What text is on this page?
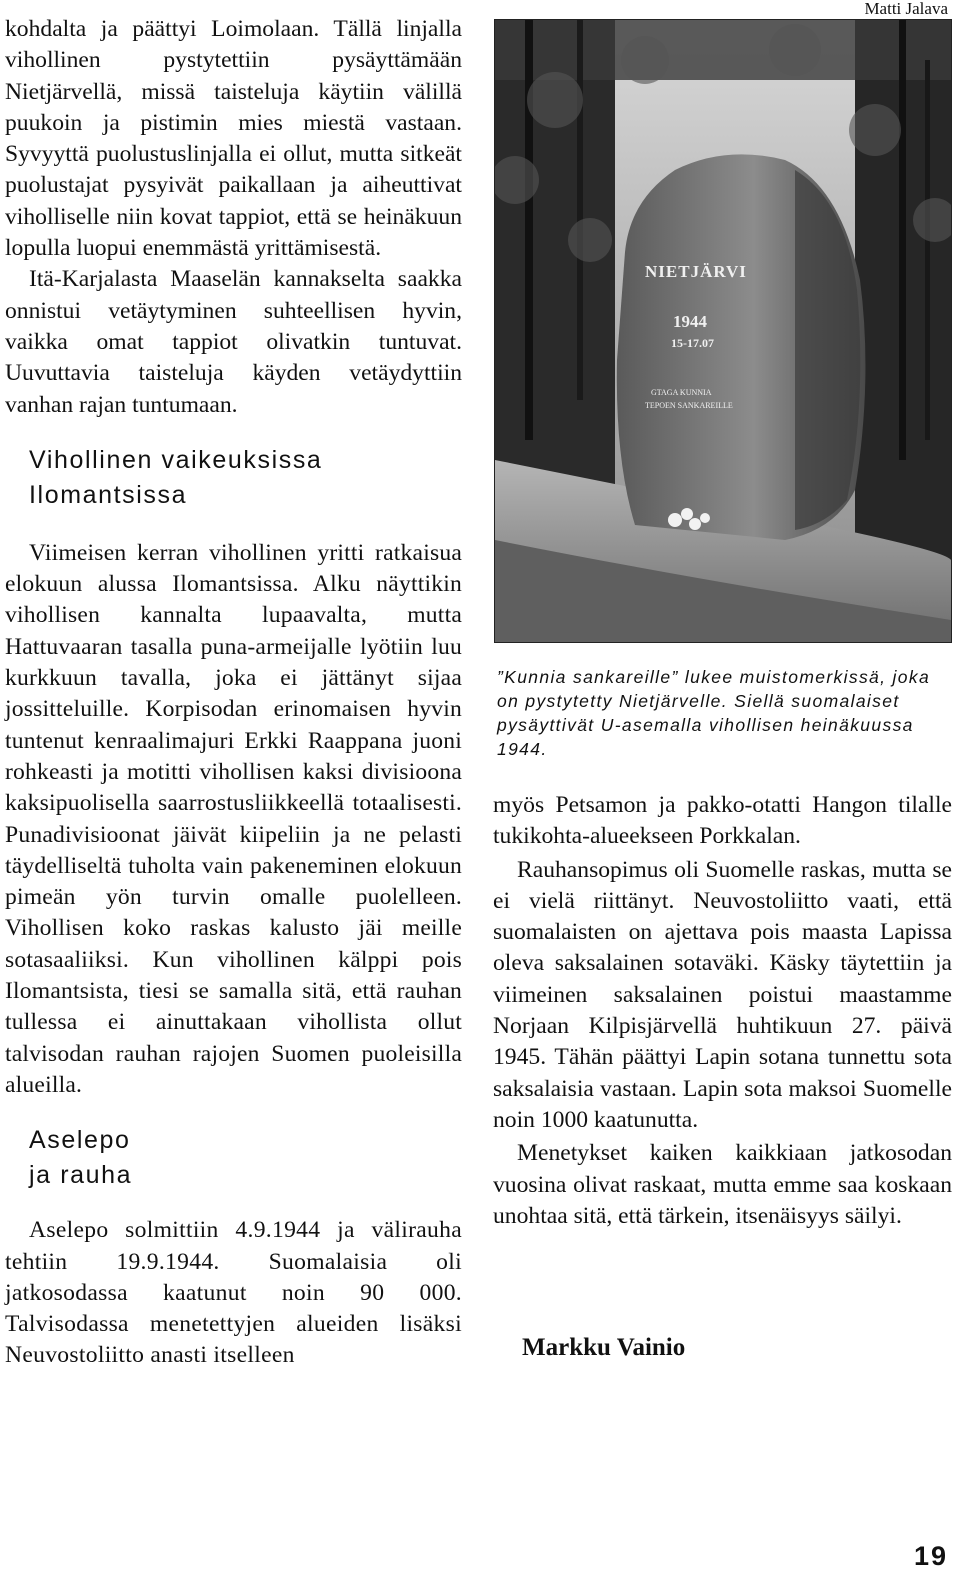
kohdalta ja päättyi Loimolaan. Tällä linjalla vihollinen pystytettiin pysäyttämään Nietjärvellä, missä taisteluja käytiin välillä puukoin ja pistimin mies miestä vastaan. Syvyyttä puolustuslinjalla ei ollut, mutta sitkeät puolustajat pysyivät paikallaan ja aiheuttivat viholliselle niin kovat tappiot, että se heinäkuun lopulla luopui enemmästä yrittämisestä.

Itä-Karjalasta Maaselän kannakselta saakka onnistui vetäytyminen suhteellisen hyvin, vaikka omat tappiot olivatkin tuntuvat. Uuvuttavia taisteluja käyden vetäydyttiin vanhan rajan tuntumaan.

Vihollinen vaikeuksissa
Ilomantsissa

Viimeisen kerran vihollinen yritti ratkaisua elokuun alussa Ilomantsissa. Alku näyttikin vihollisen kannalta lupaavalta, mutta Hattuvaaran tasalla puna-armeijalle lyötiin luu kurkkuun tavalla, joka ei jättänyt sijaa jossitteluille. Korpisodan erinomaisen hyvin tuntenut kenraalimajuri Erkki Raappana juoni rohkeasti ja motitti vihollisen kaksi divisioona kaksipuolisella saarrostusliikkeellä totaalisesti. Punadivisioonat jäivät kiipeliin ja ne pelasti täydelliseltä tuholta vain pakeneminen elokuun pimeän yön turvin omalle puolelleen. Vihollisen koko raskas kalusto jäi meille sotasaaliiksi. Kun vihollinen kälppi pois Ilomantsista, tiesi se samalla sitä, että rauhan tullessa ei ainuttakaan vihollista ollut talvisodan rauhan rajojen Suomen puoleisilla alueilla.

Aselepo
ja rauha

Aselepo solmittiin 4.9.1944 ja välirauha tehtiin 19.9.1944. Suomalaisia oli jatkosodassa kaatunut noin 90 000. Talvisodassa menetettyjen alueiden lisäksi Neuvostoliitto anasti itselleen

Matti Jalava
NIETJÄRVI
1944
15-17.07
GTAGA KUNNIA
TEPOEN SANKAREILLE

”Kunnia sankareille” lukee muistomerkissä, joka on pystytetty Nietjärvelle. Siellä suomalaiset pysäyttivät U-asemalla vihollisen heinäkuussa 1944.

myös Petsamon ja pakko-otatti Hangon tilalle tukikohta-alueekseen Porkkalan.

Rauhansopimus oli Suomelle raskas, mutta se ei vielä riittänyt. Neuvostoliitto vaati, että suomalaisten on ajettava pois maasta Lapissa oleva saksalainen sotaväki. Käsky täytettiin ja viimeinen saksalainen poistui maastamme Norjaan Kilpisjärvellä huhtikuun 27. päivä 1945. Tähän päättyi Lapin sotana tunnettu sota saksalaisia vastaan. Lapin sota maksoi Suomelle noin 1000 kaatunutta.

Menetykset kaiken kaikkiaan jatkosodan vuosina olivat raskaat, mutta emme saa koskaan unohtaa sitä, että tärkein, itsenäisyys säilyi.

Markku Vainio
19
